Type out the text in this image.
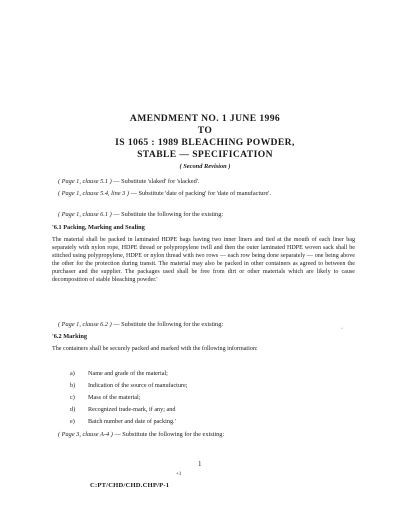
AMENDMENT NO. 1 JUNE 1996
TO
IS 1065 : 1989 BLEACHING POWDER,
STABLE — SPECIFICATION
( Second Revision )
( Page 1, clause 5.1 ) — Substitute 'slaked' for 'slacked'.
( Page 1, clause 5.4, line 3 ) — Substitute 'date of packing' for 'date of manufacture'.
( Page 1, clause 6.1 ) — Substitute the following for the existing:
'6.1 Packing, Marking and Sealing
The material shall be packed in laminated HDPE bags having two inner liners and tied at the mouth of each liner bag separately with nylon rope, HDPE thread or polypropylene twill and then the outer laminated HDPE woven sack shall be stitched using polypropylene, HDPE or nylon thread with two rows — each row being done separately — one being above the other for the protection during transit. The material may also be packed in other containers as agreed to between the purchaser and the supplier. The packages used shall be free from dirt or other materials which are likely to cause decomposition of stable bleaching powder.'
( Page 1, clause 6.2 ) — Substitute the following for the existing:
·
'6.2 Marking
The containers shall be securely packed and marked with the following information:
a) Name and grade of the material;
b) Indication of the source of manufacture;
c) Mass of the material;
d) Recognized trade-mark, if any; and
e) Batch number and date of packing.'
( Page 3, clause A-4 ) — Substitute the following for the existing:
1
+1
C:PT/CHD/CHD.CHP/P-1
